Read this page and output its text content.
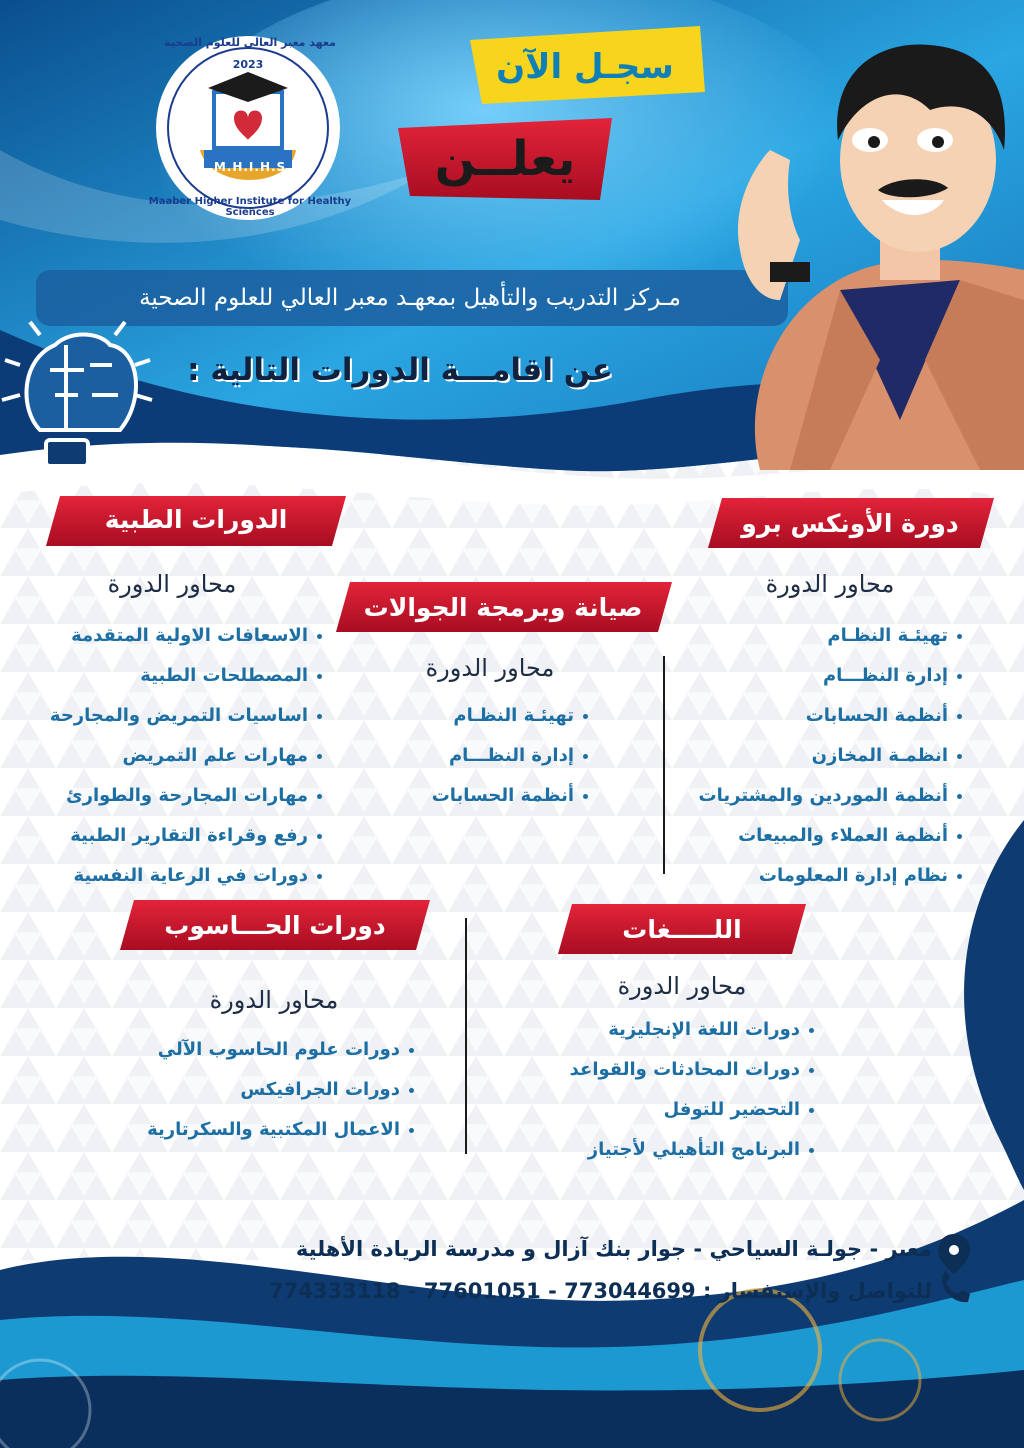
معهد معبر العالي للعلوم الصحية
2023
M.H.I.H.S
Maaber Higher Institute for Healthy Sciences
سجـل الآن
يعلــن
مـركز التدريب والتأهيل بمعهـد معبر العالي للعلوم الصحية
عن اقامـــة الدورات التالية :
دورة الأونكس برو
محاور الدورة
تهيئـة النظـام
إدارة النظـــام
أنظمة الحسابات
انظمـة المخازن
أنظمة الموردين والمشتريات
أنظمة العملاء والمبيعات
نظام إدارة المعلومات
صيانة وبرمجة الجوالات
محاور الدورة
تهيئـة النظـام
إدارة النظـــام
أنظمة الحسابات
الدورات الطبية
محاور الدورة
الاسعافات الاولية المتقدمة
المصطلحات الطبية
اساسيات التمريض والمجارحة
مهارات علم التمريض
مهارات المجارحة والطوارئ
رفع وقراءة التقارير الطبية
دورات في الرعاية النفسية
اللـــــغات
محاور الدورة
دورات اللغة الإنجليزية
دورات المحادثات والقواعد
التحضير للتوفل
البرنامج التأهيلي لأجتياز
دورات الحـــاسوب
محاور الدورة
دورات علوم الحاسوب الآلي
دورات الجرافيكس
الاعمال المكتبية والسكرتارية
معبر - جولـة السياحي - جوار بنك آزال و مدرسة الريادة الأهلية
للتواصل والإستفسار : 773044699 - 77601051 - 774333118
